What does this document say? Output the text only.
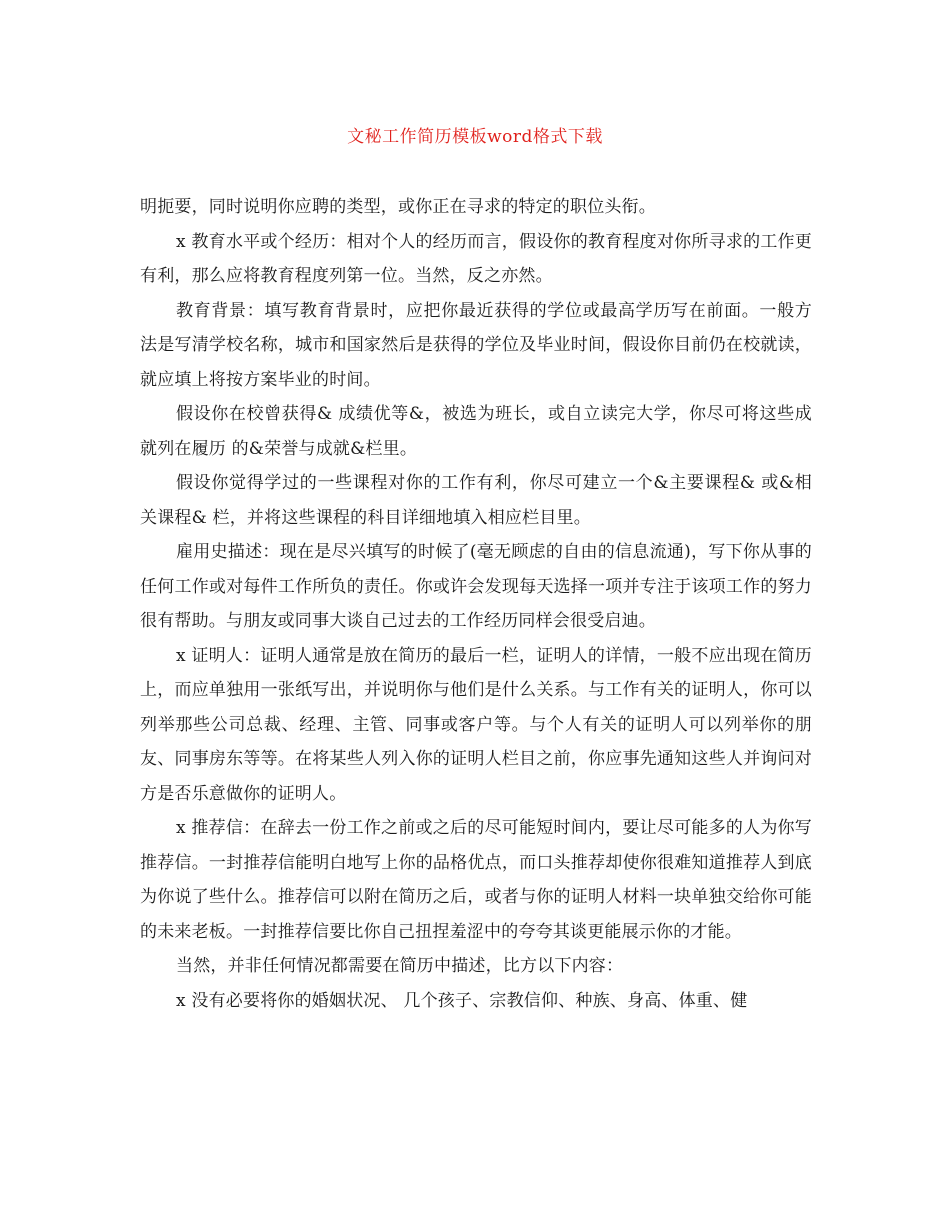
文秘工作简历模板word格式下载

明扼要，同时说明你应聘的类型，或你正在寻求的特定的职位头衔。

x 教育水平或个经历：相对个人的经历而言，假设你的教育程度对你所寻求的工作更有利，那么应将教育程度列第一位。当然，反之亦然。

教育背景：填写教育背景时，应把你最近获得的学位或最高学历写在前面。一般方法是写清学校名称，城市和国家然后是获得的学位及毕业时间，假设你目前仍在校就读，就应填上将按方案毕业的时间。

假设你在校曾获得& 成绩优等&，被选为班长，或自立读完大学，你尽可将这些成就列在履历 的&荣誉与成就&栏里。

假设你觉得学过的一些课程对你的工作有利，你尽可建立一个&主要课程& 或&相关课程& 栏，并将这些课程的科目详细地填入相应栏目里。

雇用史描述：现在是尽兴填写的时候了(毫无顾虑的自由的信息流通)，写下你从事的任何工作或对每件工作所负的责任。你或许会发现每天选择一项并专注于该项工作的努力很有帮助。与朋友或同事大谈自己过去的工作经历同样会很受启迪。

x 证明人：证明人通常是放在简历的最后一栏，证明人的详情，一般不应出现在简历上，而应单独用一张纸写出，并说明你与他们是什么关系。与工作有关的证明人，你可以列举那些公司总裁、经理、主管、同事或客户等。与个人有关的证明人可以列举你的朋友、同事房东等等。在将某些人列入你的证明人栏目之前，你应事先通知这些人并询问对方是否乐意做你的证明人。

x 推荐信：在辞去一份工作之前或之后的尽可能短时间内，要让尽可能多的人为你写推荐信。一封推荐信能明白地写上你的品格优点，而口头推荐却使你很难知道推荐人到底为你说了些什么。推荐信可以附在简历之后，或者与你的证明人材料一块单独交给你可能的未来老板。一封推荐信要比你自己扭捏羞涩中的夸夸其谈更能展示你的才能。

当然，并非任何情况都需要在简历中描述，比方以下内容：

x 没有必要将你的婚姻状况、 几个孩子、宗教信仰、种族、身高、体重、健
